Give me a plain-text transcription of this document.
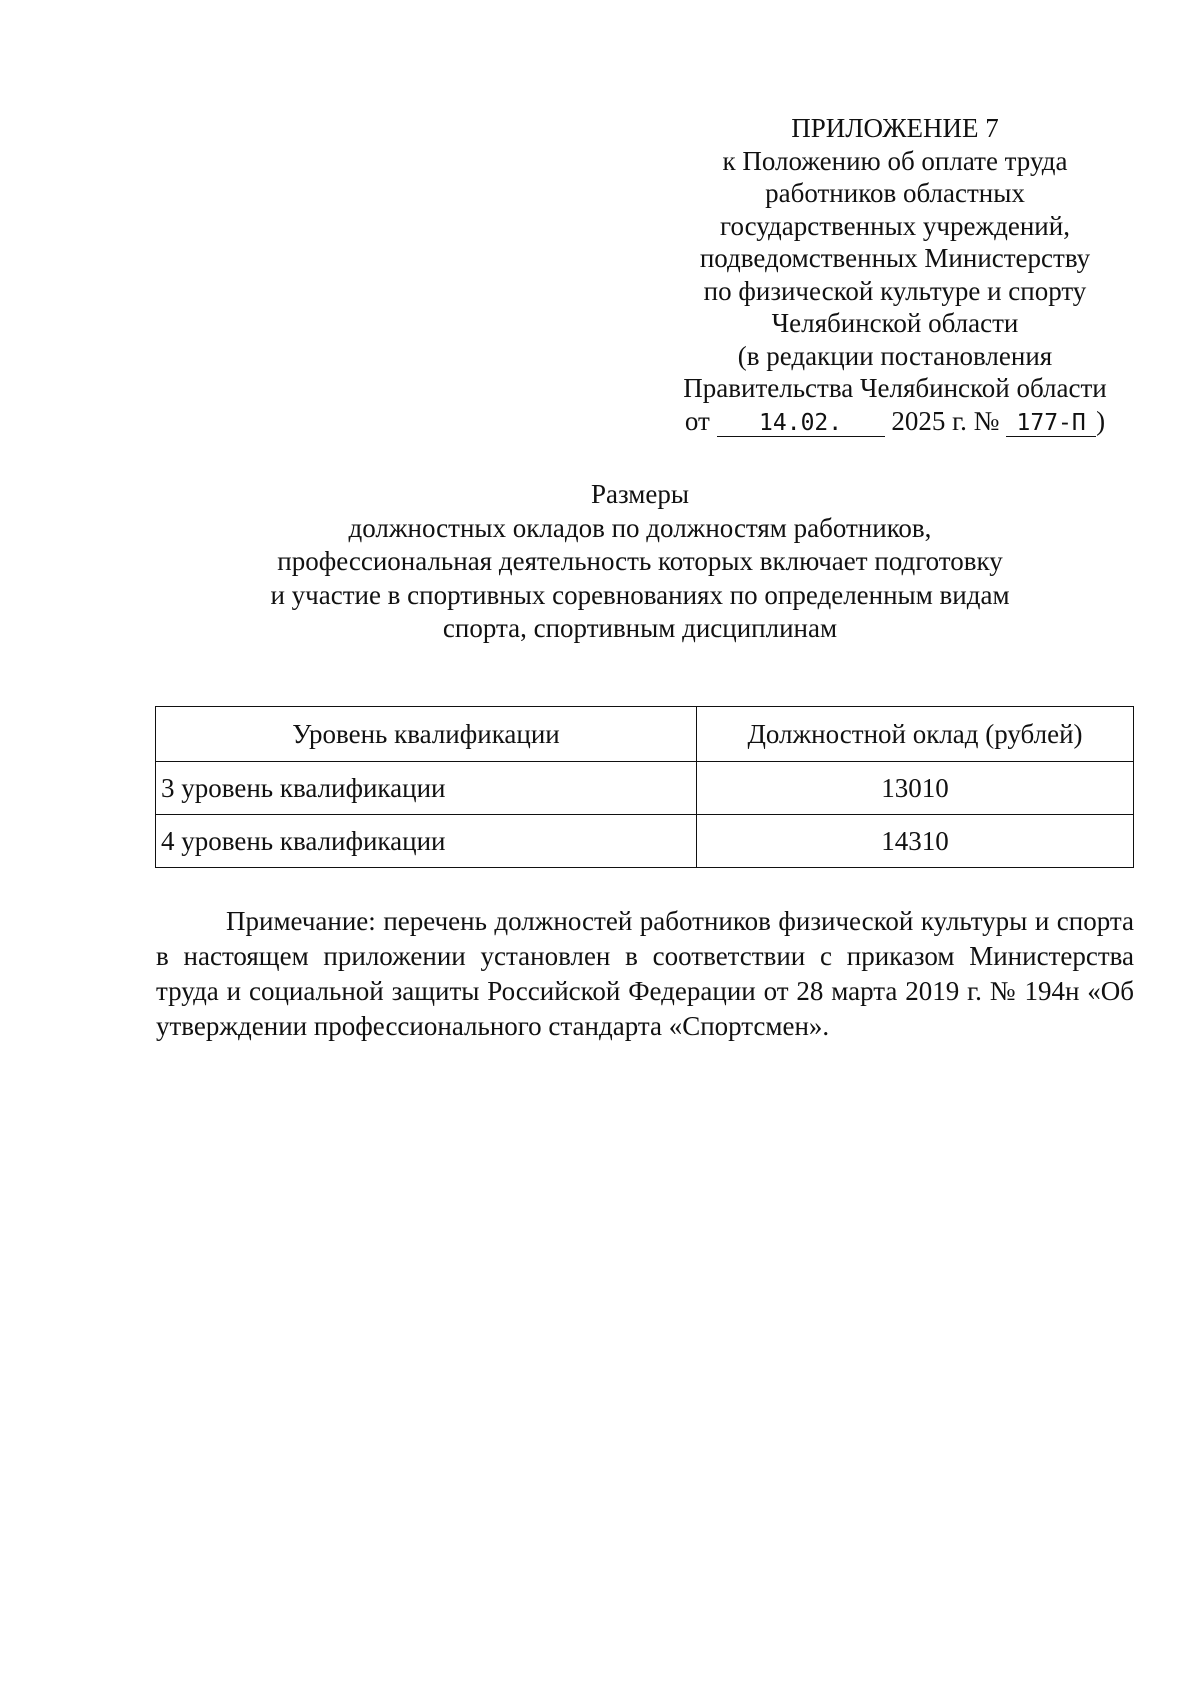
ПРИЛОЖЕНИЕ 7
к Положению об оплате труда
работников областных
государственных учреждений,
подведомственных Министерству
по физической культуре и спорту
Челябинской области
(в редакции постановления
Правительства Челябинской области
от 14.02. 2025 г. № 177-П )
Размеры
должностных окладов по должностям работников,
профессиональная деятельность которых включает подготовку
и участие в спортивных соревнованиях по определенным видам
спорта, спортивным дисциплинам
Уровень квалификации	Должностной оклад (рублей)
3 уровень квалификации	13010
4 уровень квалификации	14310
Примечание: перечень должностей работников физической культуры и спорта в настоящем приложении установлен в соответствии с приказом Министерства труда и социальной защиты Российской Федерации от 28 марта 2019 г. № 194н «Об утверждении профессионального стандарта «Спортсмен».
